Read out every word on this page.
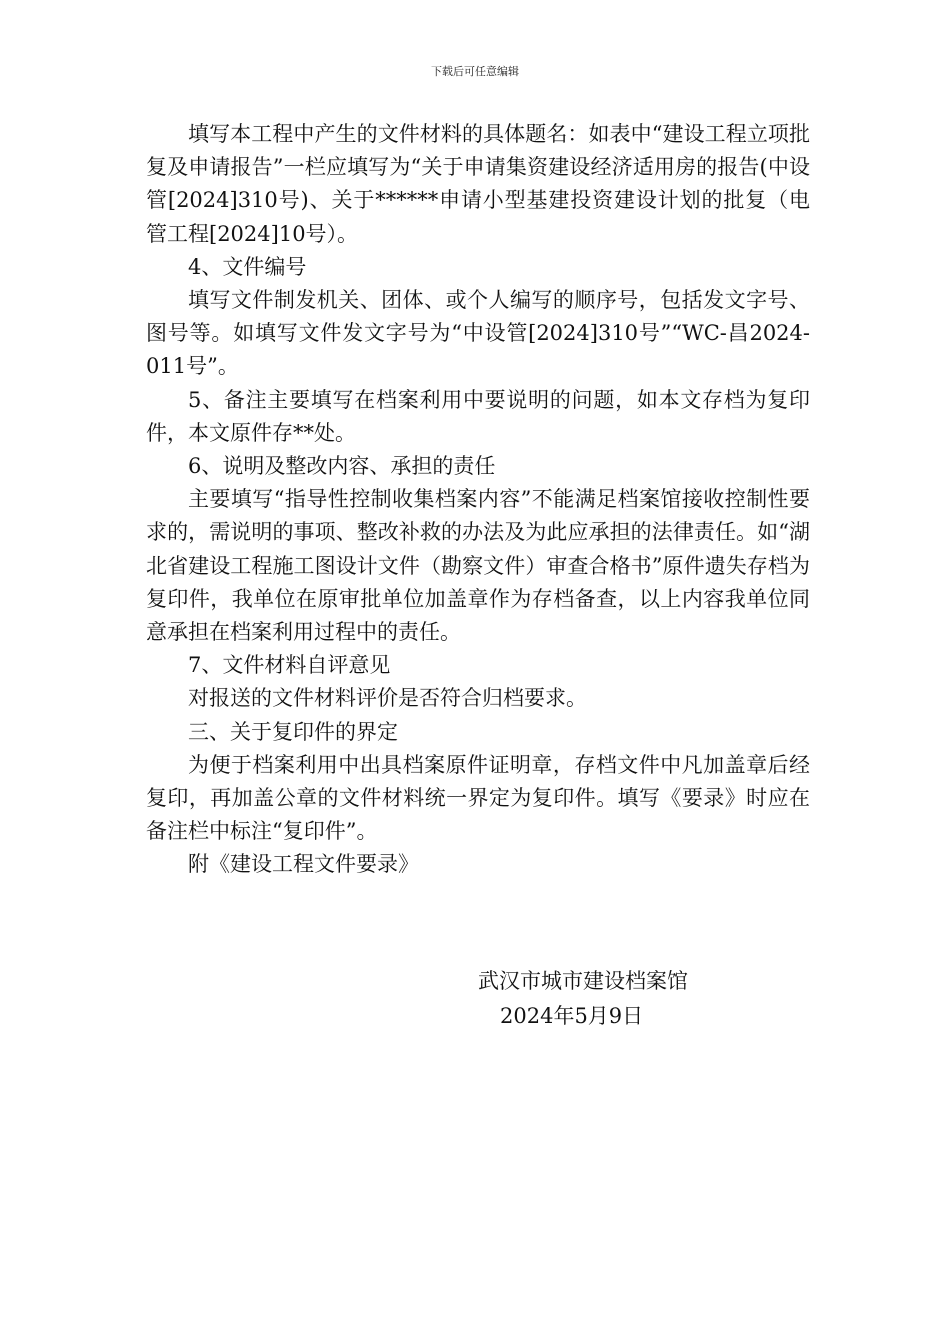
下载后可任意编辑

填写本工程中产生的文件材料的具体题名：如表中“建设工程立项批复及申请报告”一栏应填写为“关于申请集资建设经济适用房的报告(中设管[2024]310号)、关于******申请小型基建投资建设计划的批复（电管工程[2024]10号）。

4、文件编号

填写文件制发机关、团体、或个人编写的顺序号，包括发文字号、图号等。如填写文件发文字号为“中设管[2024]310号”“WC-昌2024-011号”。

5、备注主要填写在档案利用中要说明的问题，如本文存档为复印件，本文原件存**处。

6、说明及整改内容、承担的责任

主要填写“指导性控制收集档案内容”不能满足档案馆接收控制性要求的，需说明的事项、整改补救的办法及为此应承担的法律责任。如“湖北省建设工程施工图设计文件（勘察文件）审查合格书”原件遗失存档为复印件，我单位在原审批单位加盖章作为存档备查，以上内容我单位同意承担在档案利用过程中的责任。

7、文件材料自评意见

对报送的文件材料评价是否符合归档要求。

三、关于复印件的界定

为便于档案利用中出具档案原件证明章，存档文件中凡加盖章后经复印，再加盖公章的文件材料统一界定为复印件。填写《要录》时应在备注栏中标注“复印件”。

附《建设工程文件要录》

武汉市城市建设档案馆
2024年5月9日
